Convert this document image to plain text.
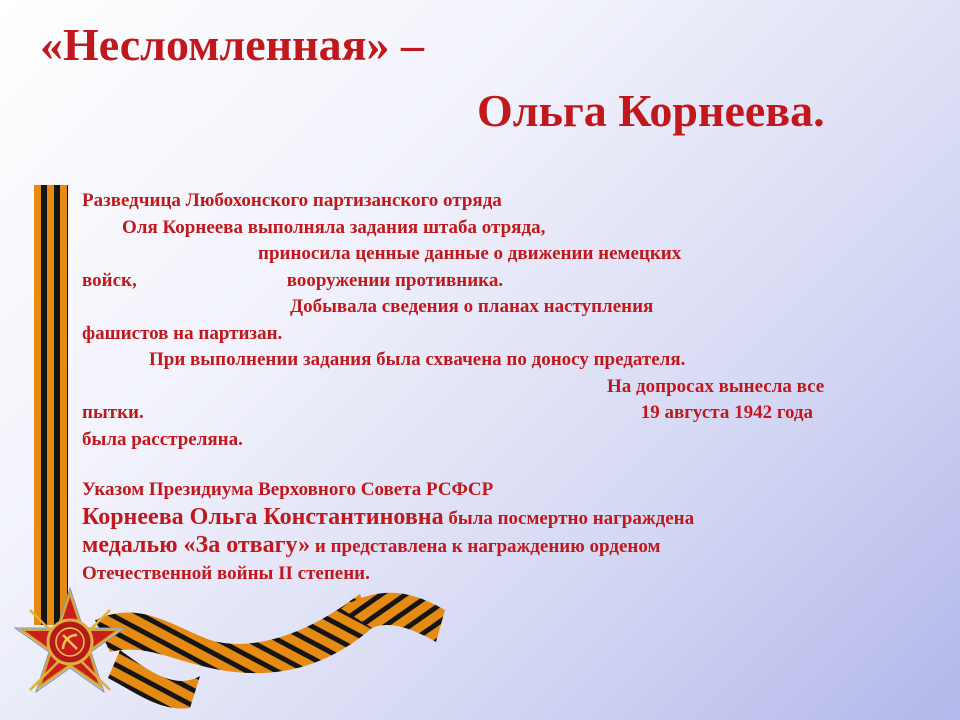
«Несломленная» –
Ольга Корнеева.

Разведчица Любохонского партизанского отряда

Оля Корнеева выполняла задания штаба отряда,

приносила ценные данные о движении немецких

войск,	вооружении противника.

Добывала сведения о планах наступления

фашистов на партизан.

При выполнении задания была схвачена по доносу предателя.

На допросах вынесла все

пытки.	19 августа 1942 года

была расстреляна.

Указом Президиума Верховного Совета РСФСР

Корнеева Ольга Константиновна была посмертно награждена

медалью «За отвагу» и представлена к награждению орденом

Отечественной войны II степени.
